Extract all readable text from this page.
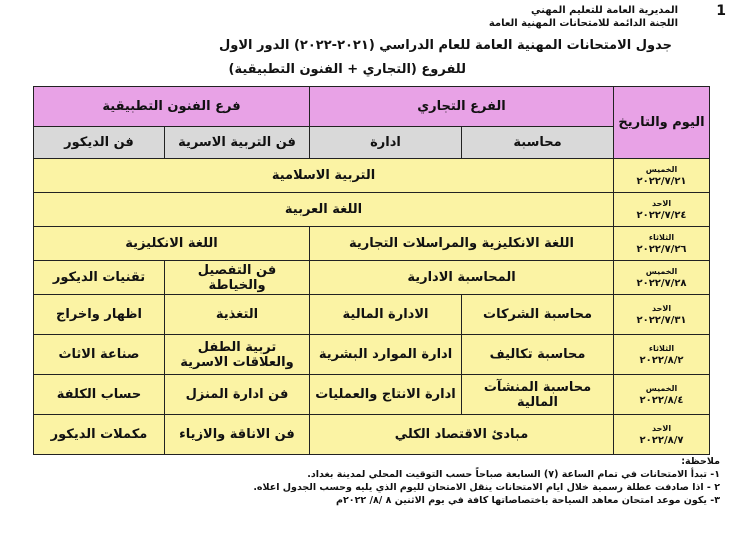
1
المديرية العامة للتعليم المهني
اللجنة الدائمة للامتحانات المهنية العامة
جدول الامتحانات المهنية العامة للعام الدراسي (٢٠٢١-٢٠٢٢) الدور الاول
للفروع (التجاري + الفنون التطبيقية)
اليوم والتاريخ	الفرع التجاري		فرع الفنون التطبيقية	
	محاسبة	ادارة	فن التربية الاسرية	فن الديكور

الخميس
٢٠٢٢/٧/٢١	التربية الاسلامية			

الاحد
٢٠٢٢/٧/٢٤	اللغة العربية			

الثلاثاء
٢٠٢٢/٧/٢٦	اللغة الانكليزية والمراسلات التجارية		اللغة الانكليزية	

الخميس
٢٠٢٢/٧/٢٨	المحاسبة الادارية		فن التفصيل والخياطة	تقنيات الديكور

الاحد
٢٠٢٢/٧/٣١	محاسبة الشركات	الادارة المالية	التغذية	اظهار واخراج

الثلاثاء
٢٠٢٢/٨/٢	محاسبة تكاليف	ادارة الموارد البشرية	تربية الطفل والعلاقات الاسرية	صناعة الاثاث

الخميس
٢٠٢٢/٨/٤	محاسبة المنشآت المالية	ادارة الانتاج والعمليات	فن ادارة المنزل	حساب الكلفة

الاحد
٢٠٢٢/٨/٧	مبادئ الاقتصاد الكلي		فن الاناقة والازياء	مكملات الديكور
ملاحظة:
١- تبدأ الامتحانات في تمام الساعة (٧) السابعة صباحاً حسب التوقيت المحلي لمدينة بغداد.
٢ - اذا صادفت عطلة رسمية خلال ايام الامتحانات ينقل الامتحان لليوم الذي يليه وحسب الجدول اعلاه.
٣- يكون موعد امتحان معاهد السياحة باختصاصاتها كافة في يوم الاثنين ٨ /٨/ ٢٠٢٢م
